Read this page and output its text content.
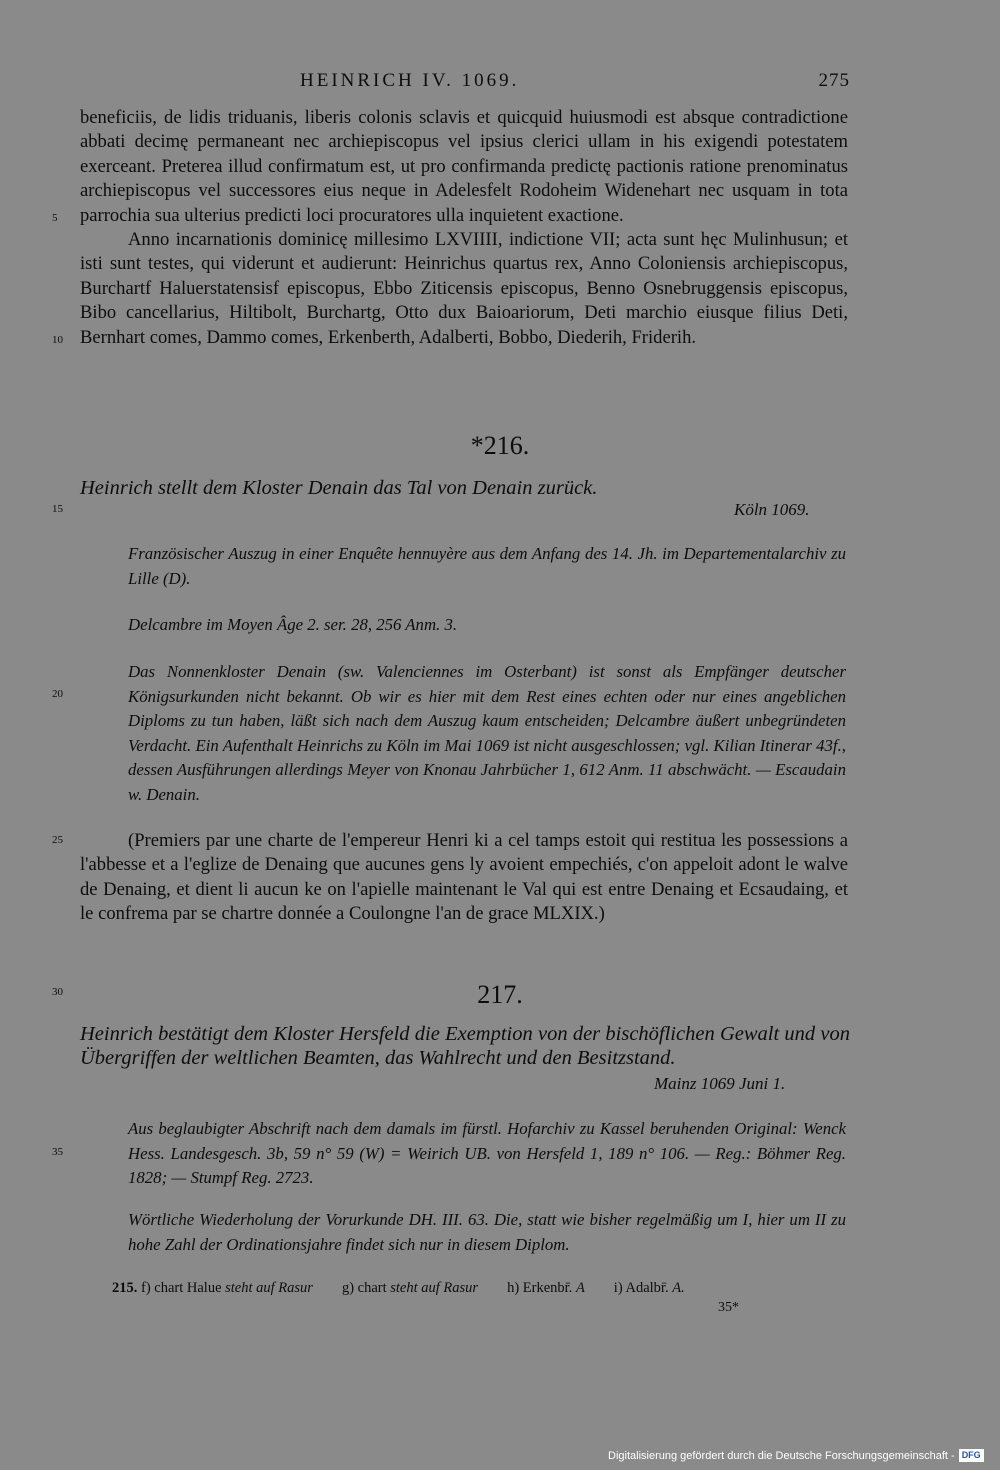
HEINRICH IV. 1069.	275

beneficiis, de lidis triduanis, liberis colonis sclavis et quicquid huiusmodi est absque contradictione abbati decimę permaneant nec archiepiscopus vel ipsius clerici ullam in his exigendi potestatem exerceant. Preterea illud confirmatum est, ut pro confirmanda predictę pactionis ratione prenominatus archiepiscopus vel successores eius neque in Adelesfelt Rodoheim Widenehart nec usquam in tota parrochia sua ulterius predicti loci procuratores ulla inquietent exactione.

Anno incarnationis dominicę millesimo LXVIIII, indictione VII; acta sunt hęc Mulinhusun; et isti sunt testes, qui viderunt et audierunt: Heinrichus quartus rex, Anno Coloniensis archiepiscopus, Burchartf Haluerstatensisf episcopus, Ebbo Ziticensis episcopus, Benno Osnebruggensis episcopus, Bibo cancellarius, Hiltibolt, Burchartg, Otto dux Baioariorum, Deti marchio eiusque filius Deti, Bernhart comes, Dammo comes, Erkenberth, Adalberti, Bobbo, Diederih, Friderih.

5
10
15
20
25
30
35
*216.
Heinrich stellt dem Kloster Denain das Tal von Denain zurück.
Köln 1069.
Französischer Auszug in einer Enquête hennuyère aus dem Anfang des 14. Jh. im Departementalarchiv zu Lille (D).
Delcambre im Moyen Âge 2. ser. 28, 256 Anm. 3.
Das Nonnenkloster Denain (sw. Valenciennes im Osterbant) ist sonst als Empfänger deutscher Königsurkunden nicht bekannt. Ob wir es hier mit dem Rest eines echten oder nur eines angeblichen Diploms zu tun haben, läßt sich nach dem Auszug kaum entscheiden; Delcambre äußert unbegründeten Verdacht. Ein Aufenthalt Heinrichs zu Köln im Mai 1069 ist nicht ausgeschlossen; vgl. Kilian Itinerar 43f., dessen Ausführungen allerdings Meyer von Knonau Jahrbücher 1, 612 Anm. 11 abschwächt. — Escaudain w. Denain.

(Premiers par une charte de l'empereur Henri ki a cel tamps estoit qui restitua les possessions a l'abbesse et a l'eglize de Denaing que aucunes gens ly avoient empechiés, c'on appeloit adont le walve de Denaing, et dient li aucun ke on l'apielle maintenant le Val qui est entre Denaing et Ecsaudaing, et le confrema par se chartre donnée a Coulongne l'an de grace MLXIX.)

217.
Heinrich bestätigt dem Kloster Hersfeld die Exemption von der bischöflichen Gewalt und von Übergriffen der weltlichen Beamten, das Wahlrecht und den Besitzstand.
Mainz 1069 Juni 1.
Aus beglaubigter Abschrift nach dem damals im fürstl. Hofarchiv zu Kassel beruhenden Original: Wenck Hess. Landesgesch. 3b, 59 n° 59 (W) = Weirich UB. von Hersfeld 1, 189 n° 106. — Reg.: Böhmer Reg. 1828; — Stumpf Reg. 2723.
Wörtliche Wiederholung der Vorurkunde DH. III. 63. Die, statt wie bisher regelmäßig um I, hier um II zu hohe Zahl der Ordinationsjahre findet sich nur in diesem Diplom.
215. f) chart Halue steht auf Rasur g) chart steht auf Rasur h) Erkenbr̄. A i) Adalbr̄. A.
35*
Digitalisierung gefördert durch die Deutsche Forschungsgemeinschaft - DFG
